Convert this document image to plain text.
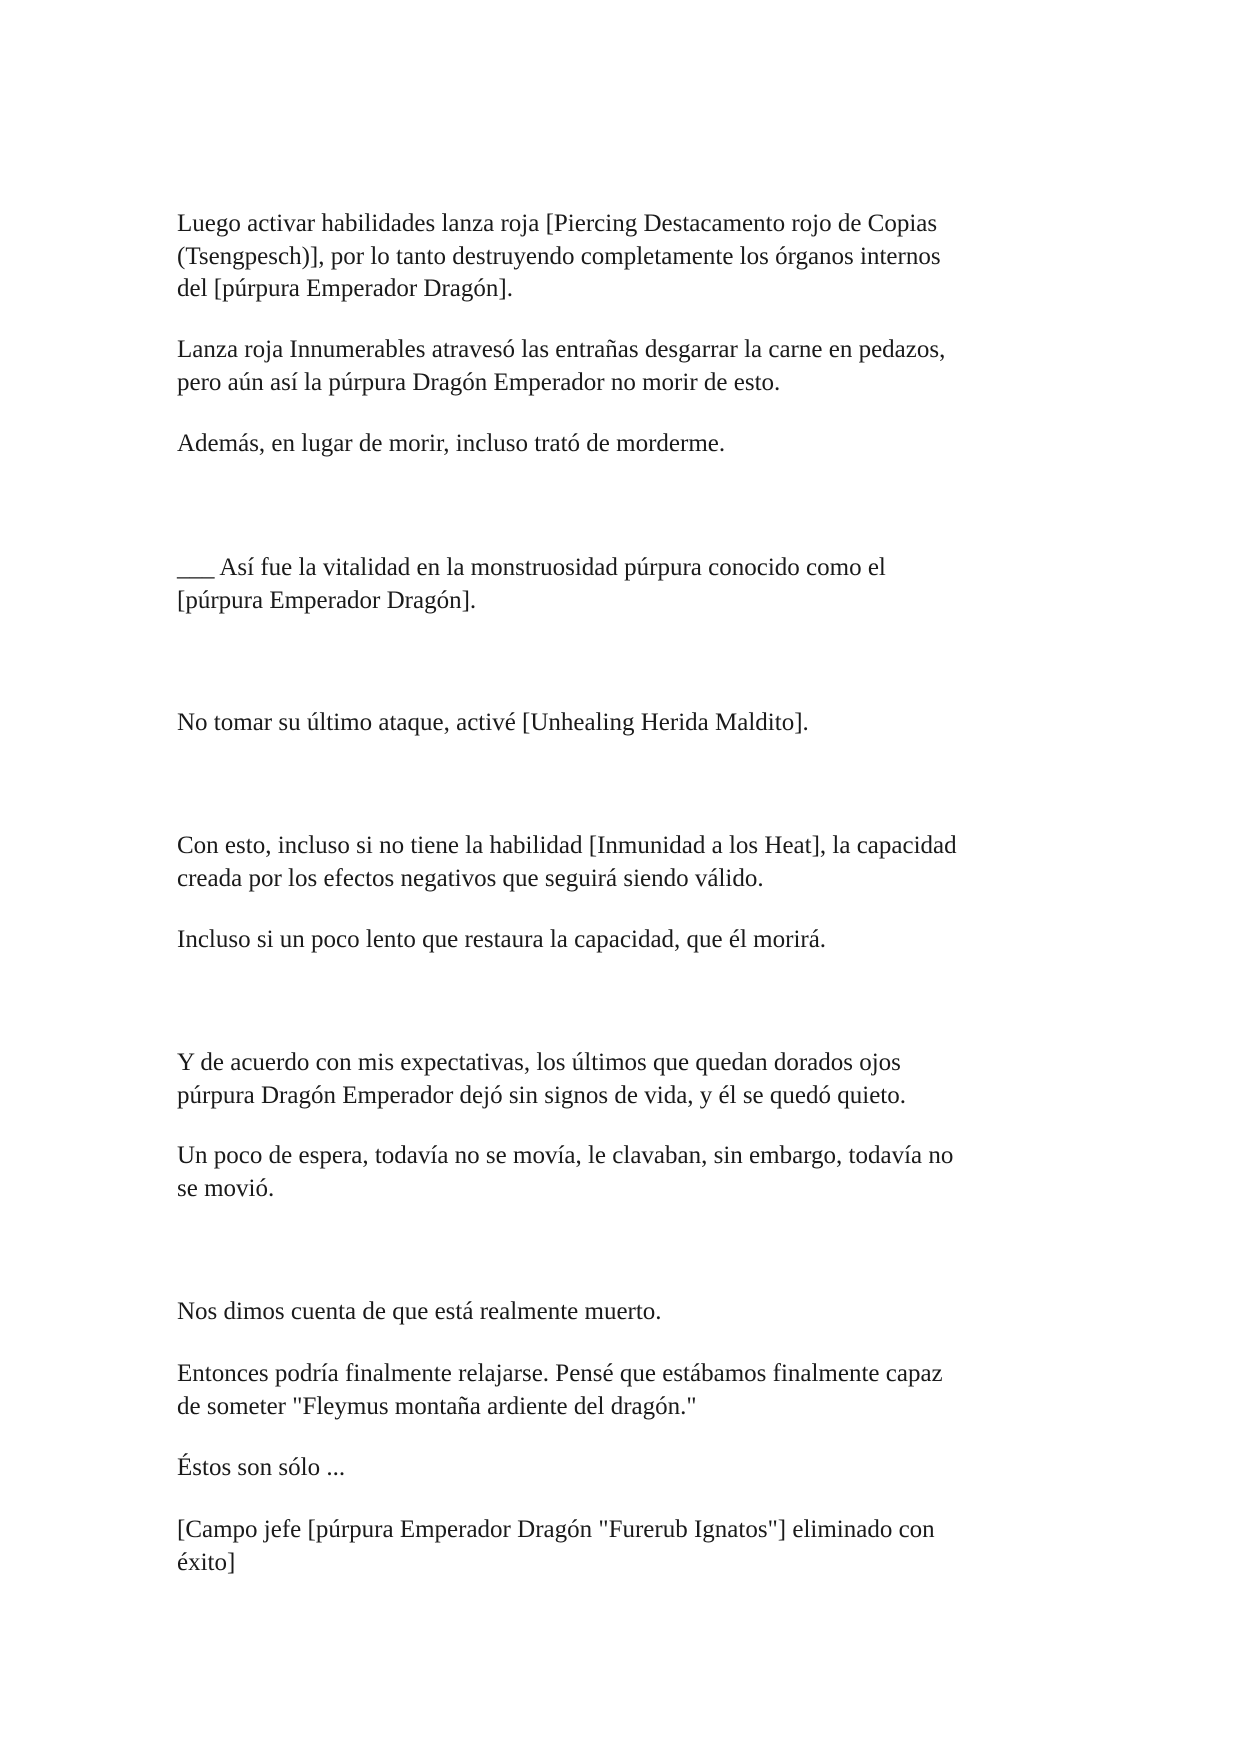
Luego activar habilidades lanza roja [Piercing Destacamento rojo de Copias
(Tsengpesch)], por lo tanto destruyendo completamente los órganos internos
del [púrpura Emperador Dragón].

Lanza roja Innumerables atravesó las entrañas desgarrar la carne en pedazos,
pero aún así la púrpura Dragón Emperador no morir de esto.

Además, en lugar de morir, incluso trató de morderme.

___ Así fue la vitalidad en la monstruosidad púrpura conocido como el
[púrpura Emperador Dragón].

No tomar su último ataque, activé [Unhealing Herida Maldito].

Con esto, incluso si no tiene la habilidad [Inmunidad a los Heat], la capacidad
creada por los efectos negativos que seguirá siendo válido.

Incluso si un poco lento que restaura la capacidad, que él morirá.

Y de acuerdo con mis expectativas, los últimos que quedan dorados ojos
púrpura Dragón Emperador dejó sin signos de vida, y él se quedó quieto.

Un poco de espera, todavía no se movía, le clavaban, sin embargo, todavía no
se movió.

Nos dimos cuenta de que está realmente muerto.

Entonces podría finalmente relajarse. Pensé que estábamos finalmente capaz
de someter "Fleymus montaña ardiente del dragón."

Éstos son sólo ...

[Campo jefe [púrpura Emperador Dragón "Furerub Ignatos"] eliminado con
éxito]
